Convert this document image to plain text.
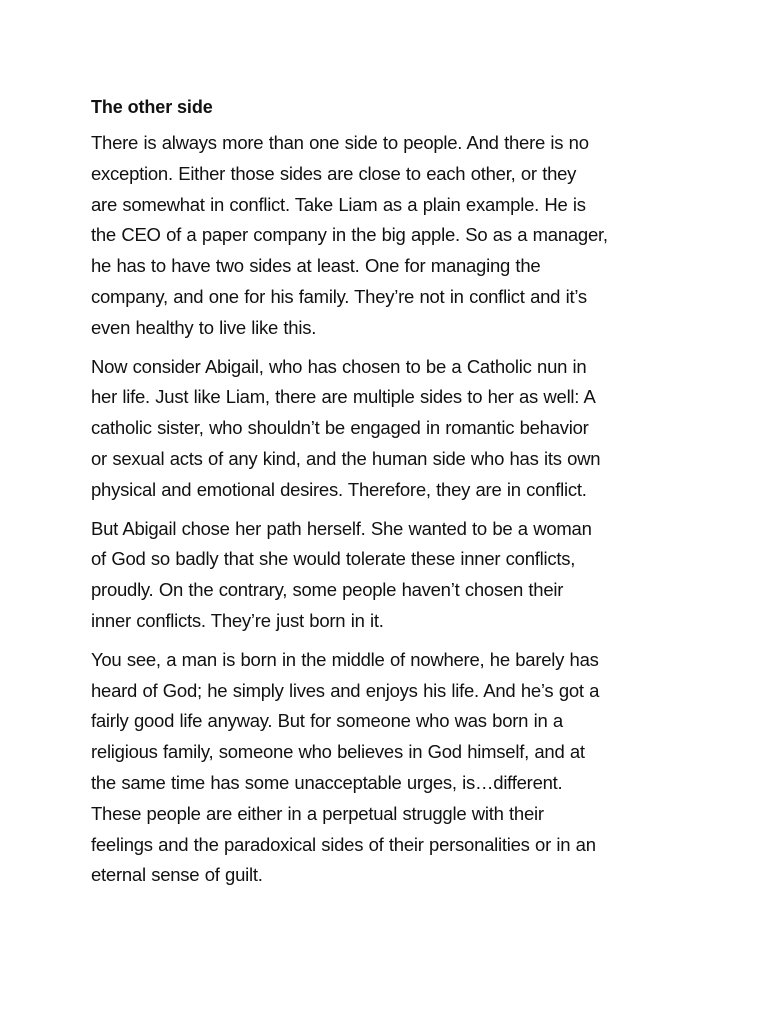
The other side
There is always more than one side to people. And there is no
exception. Either those sides are close to each other, or they
are somewhat in conflict. Take Liam as a plain example. He is
the CEO of a paper company in the big apple. So as a manager,
he has to have two sides at least. One for managing the
company, and one for his family. They’re not in conflict and it’s
even healthy to live like this.
Now consider Abigail, who has chosen to be a Catholic nun in
her life. Just like Liam, there are multiple sides to her as well: A
catholic sister, who shouldn’t be engaged in romantic behavior
or sexual acts of any kind, and the human side who has its own
physical and emotional desires. Therefore, they are in conflict.
But Abigail chose her path herself. She wanted to be a woman
of God so badly that she would tolerate these inner conflicts,
proudly. On the contrary, some people haven’t chosen their
inner conflicts. They’re just born in it.
You see, a man is born in the middle of nowhere, he barely has
heard of God; he simply lives and enjoys his life. And he’s got a
fairly good life anyway. But for someone who was born in a
religious family, someone who believes in God himself, and at
the same time has some unacceptable urges, is…different.
These people are either in a perpetual struggle with their
feelings and the paradoxical sides of their personalities or in an
eternal sense of guilt.
